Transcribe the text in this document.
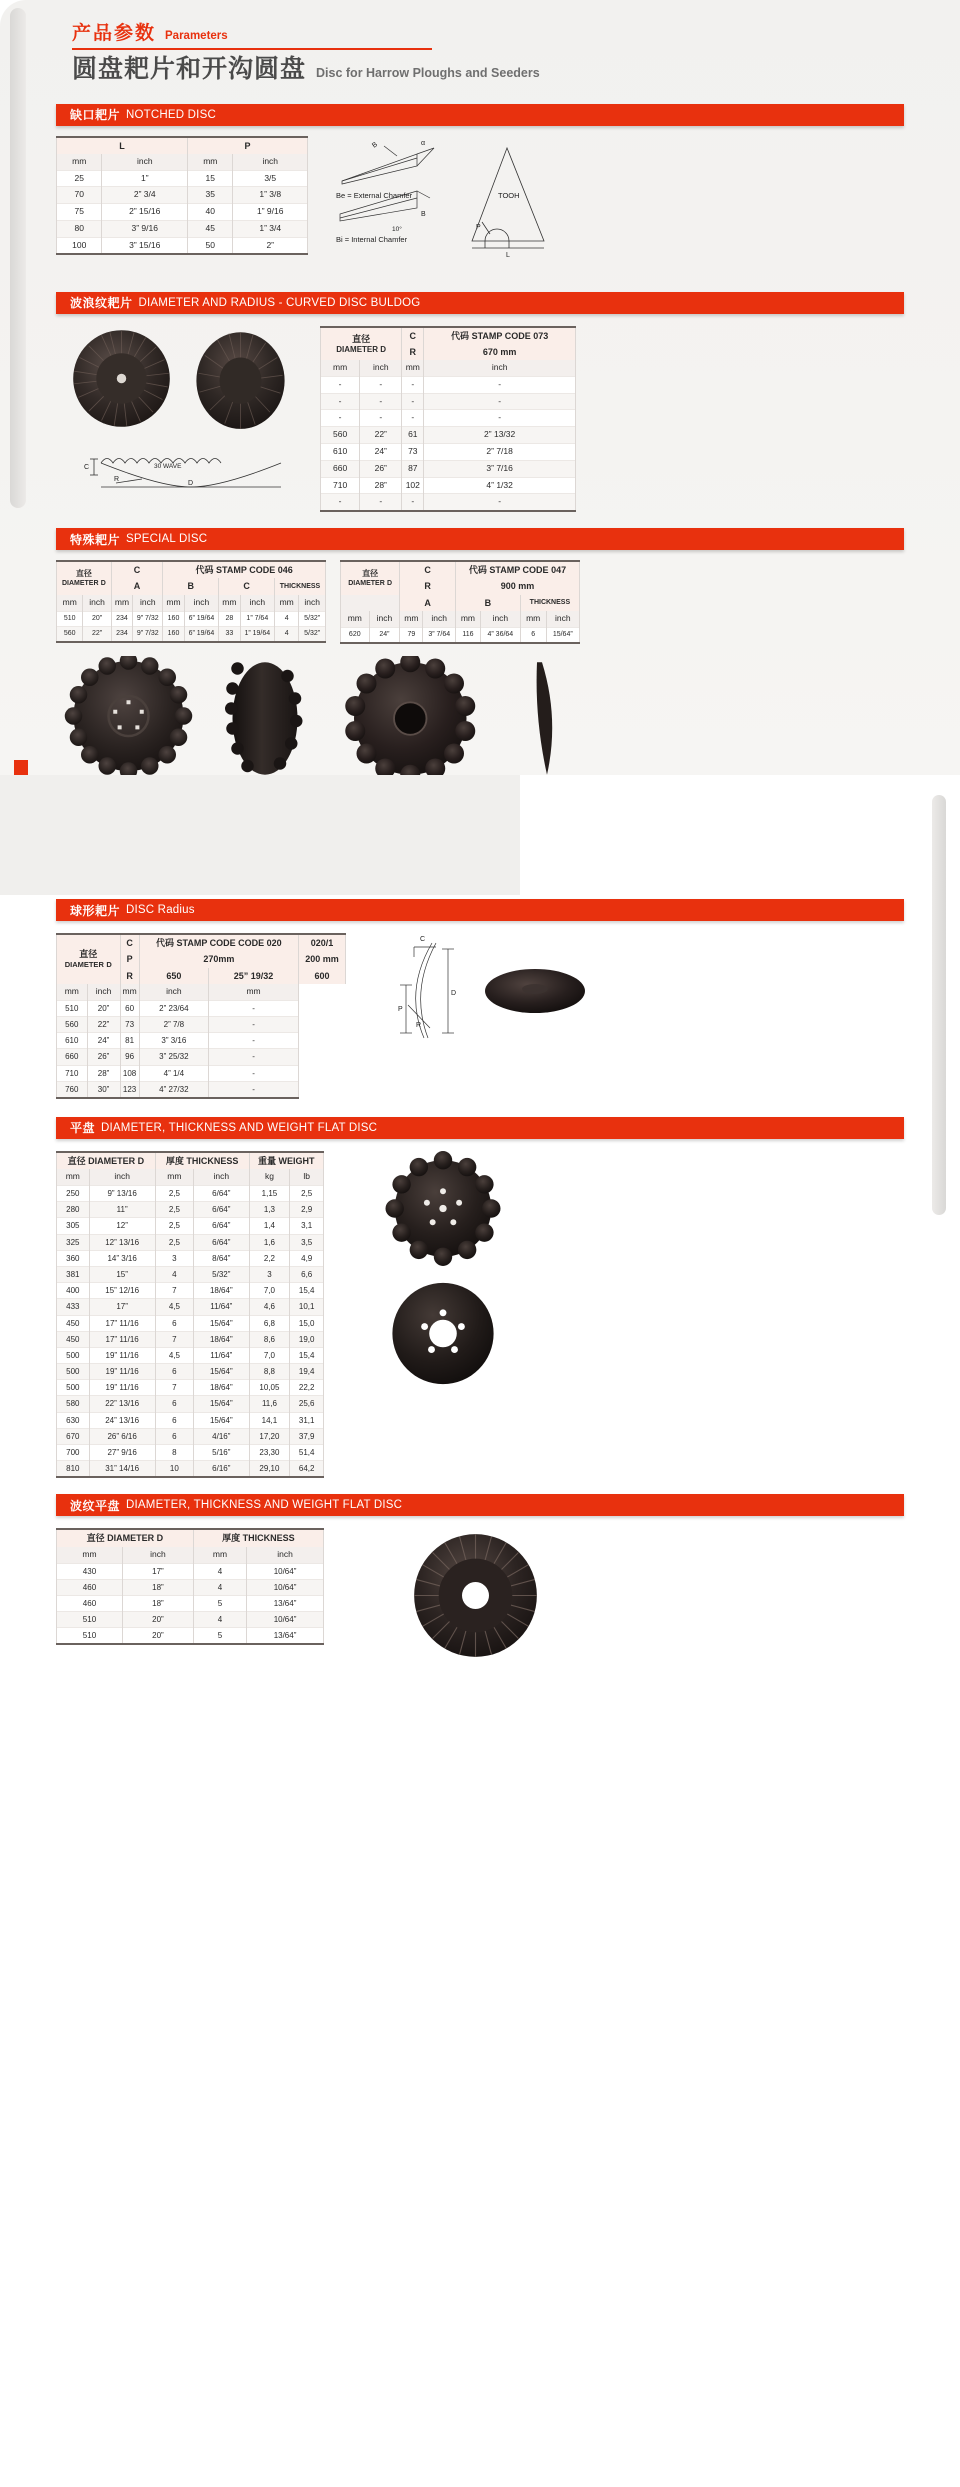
产品参数 Parameters
圆盘耙片和开沟圆盘 Disc for Harrow Ploughs and Seeders
缺口耙片 NOTCHED DISC
L		P	
mm	inch	mm	inch
25	1”	15	3/5
70	2” 3/4	35	1” 3/8
75	2” 15/16	40	1” 9/16
80	3” 9/16	45	1” 3/4
100	3” 15/16	50	2”
B	α
B
10°
Be = External Chamfer
Bi = Internal Chamfer
TOOH
P
L
波浪纹耙片 DIAMETER AND RADIUS - CURVED DISC BULDOG
C
R
D
30 WAVE
直径
DIAMETER D		C	代码 STAMP CODE 073
		R	670 mm
mm	inch	mm	inch
-	-	-	-
-	-	-	-
-	-	-	-
560	22”	61	2” 13/32
610	24”	73	2” 7/18
660	26”	87	3” 7/16
710	28”	102	4” 1/32
-	-	-	-
特殊耙片 SPECIAL DISC
直径
DIAMETER D		C		代码 STAMP CODE 046					
		A		B		C		THICKNESS	
mm	inch	mm	inch	mm	inch	mm	inch	mm	inch
510	20”	234	9” 7/32	160	6” 19/64	28	1” 7/64	4	5/32”
560	22”	234	9” 7/32	160	6” 19/64	33	1” 19/64	4	5/32”
直径
DIAMETER D		C		代码 STAMP CODE 047			
		R		900 mm			
		A		B		THICKNESS	
mm	inch	mm	inch	mm	inch	mm	inch
620	24”	79	3” 7/64	116	4” 36/64	6	15/64”
球形耙片 DISC Radius
直径
DIAMETER D		C	代码 STAMP CODE CODE 020		020/1
		P	270mm		200 mm
		R	650	25” 19/32	600
mm	inch	mm	inch	mm	
510	20”	60	2” 23/64	-	
560	22”	73	2” 7/8	-	
610	24”	81	3” 3/16	-	
660	26”	96	3” 25/32	-	
710	28”	108	4” 1/4	-	
760	30”	123	4” 27/32	-	
C
P
D
R
平盘 DIAMETER, THICKNESS AND WEIGHT FLAT DISC
直径 DIAMETER D		厚度 THICKNESS		重量 WEIGHT	
mm	inch	mm	inch	kg	lb
250	9” 13/16	2,5	6/64”	1,15	2,5
280	11”	2,5	6/64”	1,3	2,9
305	12”	2,5	6/64”	1,4	3,1
325	12” 13/16	2,5	6/64”	1,6	3,5
360	14” 3/16	3	8/64”	2,2	4,9
381	15”	4	5/32”	3	6,6
400	15” 12/16	7	18/64”	7,0	15,4
433	17”	4,5	11/64”	4,6	10,1
450	17” 11/16	6	15/64”	6,8	15,0
450	17” 11/16	7	18/64”	8,6	19,0
500	19” 11/16	4,5	11/64”	7,0	15,4
500	19” 11/16	6	15/64”	8,8	19,4
500	19” 11/16	7	18/64”	10,05	22,2
580	22” 13/16	6	15/64”	11,6	25,6
630	24” 13/16	6	15/64”	14,1	31,1
670	26” 6/16	6	4/16”	17,20	37,9
700	27” 9/16	8	5/16”	23,30	51,4
810	31” 14/16	10	6/16”	29,10	64,2
波纹平盘 DIAMETER, THICKNESS AND WEIGHT FLAT DISC
直径 DIAMETER D		厚度 THICKNESS	
mm	inch	mm	inch
430	17”	4	10/64”
460	18”	4	10/64”
460	18”	5	13/64”
510	20”	4	10/64”
510	20”	5	13/64”
